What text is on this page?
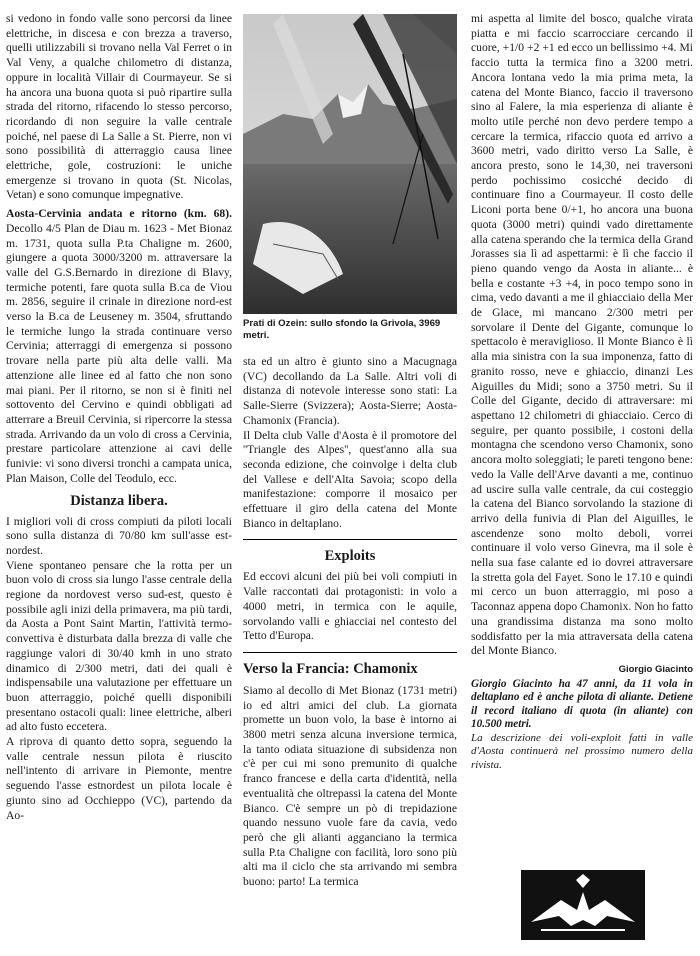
si vedono in fondo valle sono percorsi da linee elettriche, in discesa e con brezza a traverso, quelli utilizzabili si trovano nella Val Ferret o in Val Veny, a qualche chilometro di distanza, oppure in località Villair di Courmayeur. Se si ha ancora una buona quota si può ripartire sulla strada del ritorno, rifacendo lo stesso percorso, ricordando di non seguire la valle centrale poiché, nel paese di La Salle a St. Pierre, non vi sono possibilità di atterraggio causa linee elettriche, gole, costruzioni: le uniche emergenze si trovano in quota (St. Nicolas, Vetan) e sono comunque impegnative.

Aosta-Cervinia andata e ritorno (km. 68). Decollo 4/5 Plan de Diau m. 1623 - Met Bionaz m. 1731, quota sulla P.ta Chaligne m. 2600, giungere a quota 3000/3200 m. attraversare la valle del G.S.Bernardo in direzione di Blavy, termiche potenti, fare quota sulla B.ca de Viou m. 2856, seguire il crinale in direzione nord-est verso la B.ca de Leuseney m. 3504, sfruttando le termiche lungo la strada continuare verso Cervinia; atterraggi di emergenza si possono trovare nella parte più alta delle valli. Ma attenzione alle linee ed al fatto che non sono mai piani. Per il ritorno, se non si è finiti nel sottovento del Cervino e quindi obbligati ad atterrare a Breuil Cervinia, si ripercorre la stessa strada. Arrivando da un volo di cross a Cervinia, prestare particolare attenzione ai cavi delle funivie: vi sono diversi tronchi a campata unica, Plan Maison, Colle del Teodulo, ecc.

Distanza libera.

I migliori voli di cross compiuti da piloti locali sono sulla distanza di 70/80 km sull'asse est-nordest.

Viene spontaneo pensare che la rotta per un buon volo di cross sia lungo l'asse centrale della regione da nordovest verso sud-est, questo è possibile agli inizi della primavera, ma più tardi, da Aosta a Pont Saint Martin, l'attività termo-convettiva è disturbata dalla brezza di valle che raggiunge valori di 30/40 kmh in uno strato dinamico di 2/300 metri, dati dei quali è indispensabile una valutazione per effettuare un buon atterraggio, poiché quelli disponibili presentano ostacoli quali: linee elettriche, alberi ad alto fusto eccetera.

A riprova di quanto detto sopra, seguendo la valle centrale nessun pilota è riuscito nell'intento di arrivare in Piemonte, mentre seguendo l'asse estnordest un pilota locale è giunto sino ad Occhieppo (VC), partendo da Ao-

Prati di Ozein: sullo sfondo la Grivola, 3969 metri.

sta ed un altro è giunto sino a Macugnaga (VC) decollando da La Salle. Altri voli di distanza di notevole interesse sono stati: La Salle-Sierre (Svizzera); Aosta-Sierre; Aosta-Chamonix (Francia).

Il Delta club Valle d'Aosta è il promotore del ''Triangle des Alpes'', quest'anno alla sua seconda edizione, che coinvolge i delta club del Vallese e dell'Alta Savoia; scopo della manifestazione: comporre il mosaico per effettuare il giro della catena del Monte Bianco in deltaplano.

Exploits

Ed eccovi alcuni dei più bei voli compiuti in Valle raccontati dai protagonisti: in volo a 4000 metri, in termica con le aquile, sorvolando valli e ghiacciai nel contesto del Tetto d'Europa.

Verso la Francia: Chamonix

Siamo al decollo di Met Bionaz (1731 metri) io ed altri amici del club. La giornata promette un buon volo, la base è intorno ai 3800 metri senza alcuna inversione termica, la tanto odiata situazione di subsidenza non c'è per cui mi sono premunito di qualche franco francese e della carta d'identità, nella eventualità che oltrepassi la catena del Monte Bianco. C'è sempre un pò di trepidazione quando nessuno vuole fare da cavia, vedo però che gli alianti agganciano la termica sulla P.ta Chaligne con facilità, loro sono più alti ma il ciclo che sta arrivando mi sembra buono: parto! La termica

mi aspetta al limite del bosco, qualche virata piatta e mi faccio scarrocciare cercando il cuore, +1/0 +2 +1 ed ecco un bellissimo +4. Mi faccio tutta la termica fino a 3200 metri. Ancora lontana vedo la mia prima meta, la catena del Monte Bianco, faccio il traversono sino al Falere, la mia esperienza di aliante è molto utile perché non devo perdere tempo a cercare la termica, rifaccio quota ed arrivo a 3600 metri, vado diritto verso La Salle, è ancora presto, sono le 14,30, nei traversoni perdo pochissimo cosicché decido di continuare fino a Courmayeur. Il costo delle Liconi porta bene 0/+1, ho ancora una buona quota (3000 metri) quindi vado direttamente alla catena sperando che la termica della Grand Jorasses sia lì ad aspettarmi: è lì che faccio il pieno quando vengo da Aosta in aliante... è bella e costante +3 +4, in poco tempo sono in cima, vedo davanti a me il ghiacciaio della Mer de Glace, mi mancano 2/300 metri per sorvolare il Dente del Gigante, comunque lo spettacolo è meraviglioso. Il Monte Bianco è lì alla mia sinistra con la sua imponenza, fatto di granito rosso, neve e ghiaccio, dinanzi Les Aiguilles du Midi; sono a 3750 metri. Su il Colle del Gigante, decido di attraversare: mi aspettano 12 chilometri di ghiacciaio. Cerco di seguire, per quanto possibile, i costoni della montagna che scendono verso Chamonix, sono ancora molto soleggiati; le pareti tengono bene: vedo la Valle dell'Arve davanti a me, continuo ad uscire sulla valle centrale, da cui costeggio la catena del Bianco sorvolando la stazione di arrivo della funivia di Plan del Aiguilles, le ascendenze sono molto deboli, vorrei continuare il volo verso Ginevra, ma il sole è nella sua fase calante ed io dovrei attraversare la stretta gola del Fayet. Sono le 17.10 e quindi mi cerco un buon atterraggio, mi poso a Taconnaz appena dopo Chamonix. Non ho fatto una grandissima distanza ma sono molto soddisfatto per la mia attraversata della catena del Monte Bianco.

Giorgio Giacinto

Giorgio Giacinto ha 47 anni, da 11 vola in deltaplano ed è anche pilota di aliante. Detiene il record italiano di quota (in aliante) con 10.500 metri.

La descrizione dei voli-exploit fatti in valle d'Aosta continuerà nel prossimo numero della rivista.
